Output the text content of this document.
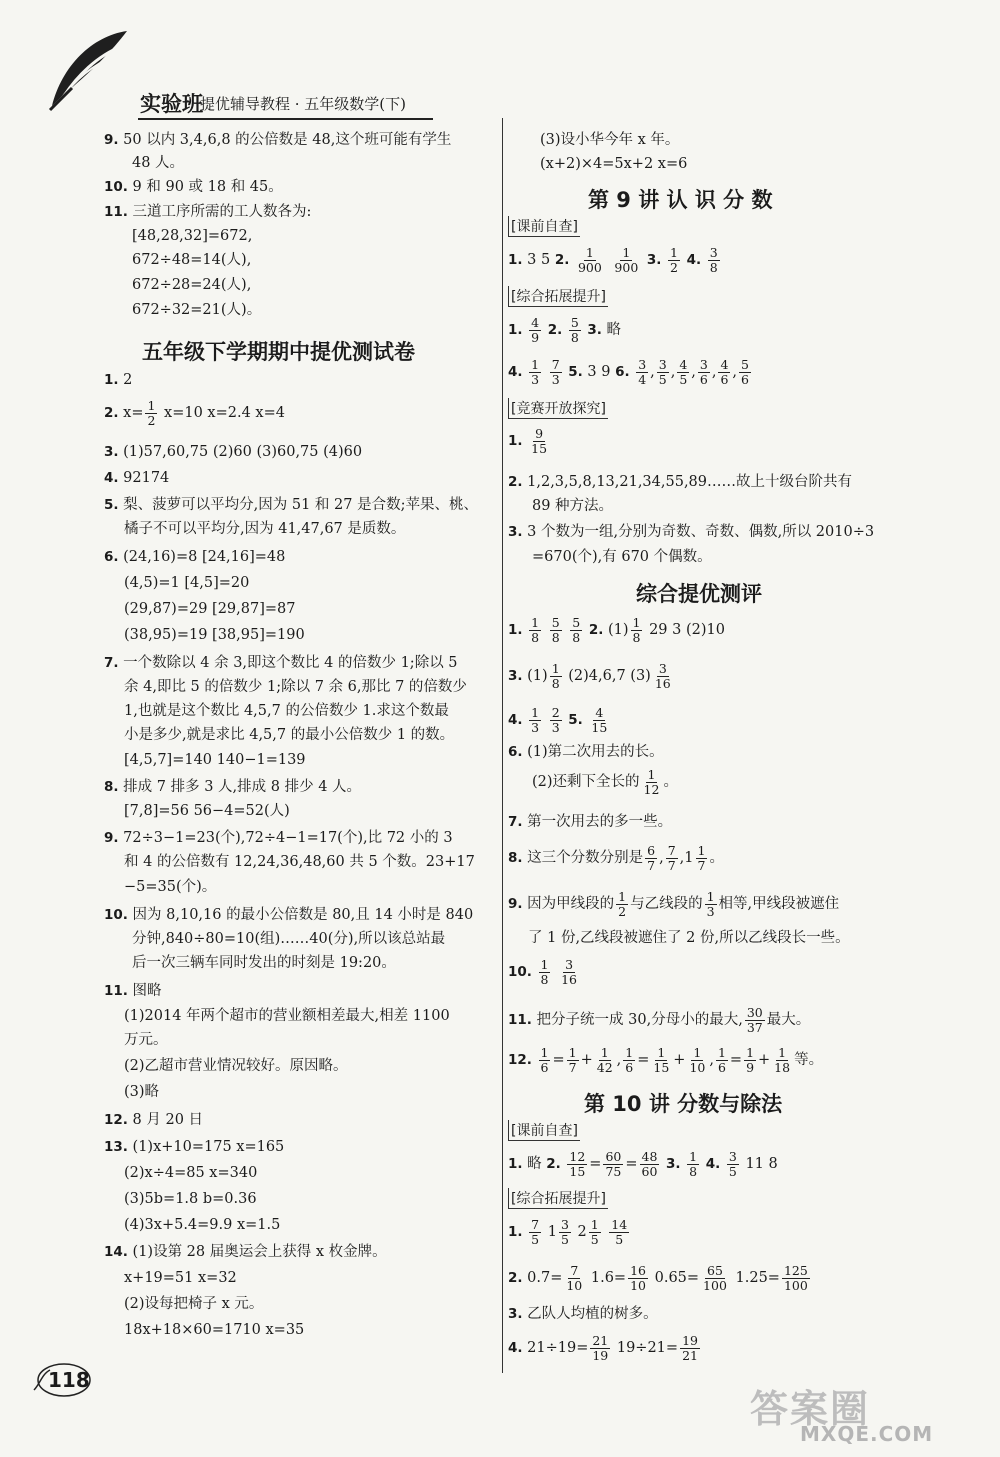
实验班
提优辅导教程 · 五年级数学(下)
9. 50 以内 3,4,6,8 的公倍数是 48,这个班可能有学生
48 人。
10. 9 和 90 或 18 和 45。
11. 三道工序所需的工人数各为:
[48,28,32]=672,
672÷48=14(人),
672÷28=24(人),
672÷32=21(人)。
五年级下学期期中提优测试卷
1. 2
2. $x= \frac{1}{2} x=10$ x=2.4 x=4
3. (1)57,60,75 (2)60 (3)60,75 (4)60
4. 92174
5. 梨、菠萝可以平均分,因为 51 和 27 是合数;苹果、桃、
橘子不可以平均分,因为 41,47,67 是质数。
6. (24,16)=8 [24,16]=48
(4,5)=1 [4,5]=20
(29,87)=29 [29,87]=87
(38,95)=19 [38,95]=190
7. 一个数除以 4 余 3,即这个数比 4 的倍数少 1;除以 5
余 4,即比 5 的倍数少 1;除以 7 余 6,那比 7 的倍数少
1,也就是这个数比 4,5,7 的公倍数少 1.求这个数最
小是多少,就是求比 4,5,7 的最小公倍数少 1 的数。
[4,5,7]=140 140−1=139
8. 排成 7 排多 3 人,排成 8 排少 4 人。
[7,8]=56 56−4=52(人)
9. 72÷3−1=23(个),72÷4−1=17(个),比 72 小的 3
和 4 的公倍数有 12,24,36,48,60 共 5 个数。23+17
−5=35(个)。
10. 因为 8,10,16 的最小公倍数是 80,且 14 小时是 840
分钟,840÷80=10(组)……40(分),所以该总站最
后一次三辆车同时发出的时刻是 19:20。
11. 图略
(1)2014 年两个超市的营业额相差最大,相差 1100
万元。
(2)乙超市营业情况较好。原因略。
(3)略
12. 8 月 20 日
13. (1)x+10=175 x=165
(2)x÷4=85 x=340
(3)5b=1.8 b=0.36
(4)3x+5.4=9.9 x=1.5
14. (1)设第 28 届奥运会上获得 x 枚金牌。
x+19=51 x=32
(2)设每把椅子 x 元。
18x+18×60=1710 x=35
(3)设小华今年 x 年。
(x+2)×4=5x+2 x=6
第 9 讲 认 识 分 数
[课前自查]
1. 3 5 2. $\frac{1}{900}$
$\frac{1}{900} 3$. $\frac{1}{2} 4$. $\frac{3}{8}$
[综合拓展提升]
1. $\frac{4}{9} 2$. $\frac{5}{8} 3$. 略
4. $\frac{1}{3}$
$\frac{7}{3} 5$. 3 9 6. $\frac{3}{4}$ , $\frac{3}{5}$ , $\frac{4}{5}$ , $\frac{3}{6}$ , $\frac{4}{6}$ , $\frac{5}{6}$
[竞赛开放探究]
1. $\frac{9}{15}$
2. 1,2,3,5,8,13,21,34,55,89……故上十级台阶共有
89 种方法。
3. 3 个数为一组,分别为奇数、奇数、偶数,所以 2010÷3
=670(个),有 670 个偶数。
综合提优测评
1. $\frac{1}{8}$
$\frac{5}{8}$
$\frac{5}{8} 2$. $(1) \frac{1}{8} 29$ 3 (2)10
3. $(1) \frac{1}{8} (2)4,6,7$ $(3) \frac{3}{16}$
4. $\frac{1}{3}$
$\frac{2}{3} 5$. $\frac{4}{15}$
6. (1)第二次用去的长。
(2)还剩下全长的 $\frac{1}{12}$ 。
7. 第一次用去的多一些。
8. 这三个分数分别是 $\frac{6}{7}$ , $\frac{7}{7} ,1 \frac{1}{7}$ 。
9. 因为甲线段的 $\frac{1}{2}$ 与乙线段的 $\frac{1}{3}$ 相等,甲线段被遮住
了 1 份,乙线段被遮住了 2 份,所以乙线段长一些。
10. $\frac{1}{8}$
$\frac{3}{16}$
11. 把分子统一成 30,分母小的最大, $\frac{30}{37}$ 最大。
12. $\frac{1}{6} = \frac{1}{7} + \frac{1}{42}$ , $\frac{1}{6} = \frac{1}{15} + \frac{1}{10}$ , $\frac{1}{6} = \frac{1}{9} + \frac{1}{18}$ 等。
第 10 讲 分数与除法
[课前自查]
1. 略 2. $\frac{12}{15} = \frac{60}{75} = \frac{48}{60} 3$. $\frac{1}{8} 4$. $\frac{3}{5} 11$ 8
[综合拓展提升]
1. $\frac{7}{5} 1 \frac{3}{5} 2 \frac{1}{5}$
$\frac{14}{5}$
2. $0.7= \frac{7}{10} 1.6= \frac{16}{10} 0.65= \frac{65}{100} 1.25= \frac{125}{100}$
3. 乙队人均植的树多。
4. $21\div 19= \frac{21}{19} 19\div 21= \frac{19}{21}$
118
答案圈
MXQE.COM
